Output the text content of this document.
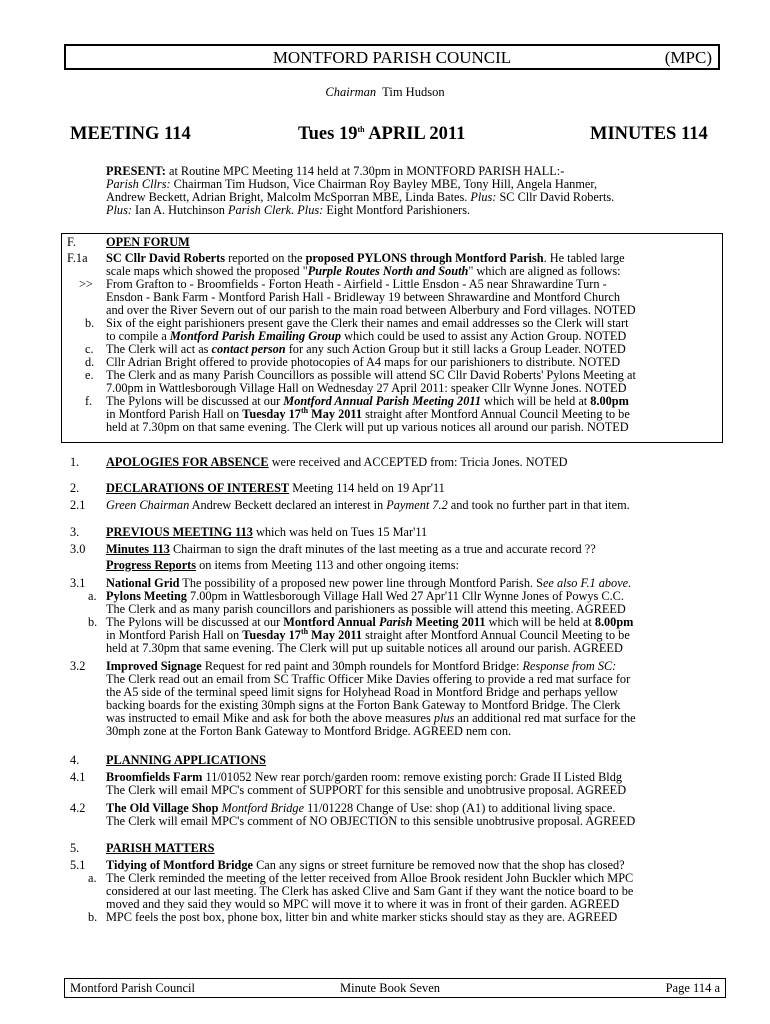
MONTFORD PARISH COUNCIL	(MPC)
Chairman Tim Hudson
MEETING 114	Tues 19th APRIL 2011	MINUTES 114
PRESENT: at Routine MPC Meeting 114 held at 7.30pm in MONTFORD PARISH HALL:-
Parish Cllrs: Chairman Tim Hudson, Vice Chairman Roy Bayley MBE, Tony Hill, Angela Hanmer,
Andrew Beckett, Adrian Bright, Malcolm McSporran MBE, Linda Bates. Plus: SC Cllr David Roberts.
Plus: Ian A. Hutchinson Parish Clerk. Plus: Eight Montford Parishioners.
F. OPEN FORUM
F.1a SC Cllr David Roberts reported on the proposed PYLONS through Montford Parish. He tabled large
scale maps which showed the proposed "Purple Routes North and South" which are aligned as follows:
>> From Grafton to - Broomfields - Forton Heath - Airfield - Little Ensdon - A5 near Shrawardine Turn -
Ensdon - Bank Farm - Montford Parish Hall - Bridleway 19 between Shrawardine and Montford Church
and over the River Severn out of our parish to the main road between Alberbury and Ford villages. NOTED
b. Six of the eight parishioners present gave the Clerk their names and email addresses so the Clerk will start
to compile a Montford Parish Emailing Group which could be used to assist any Action Group. NOTED
c. The Clerk will act as contact person for any such Action Group but it still lacks a Group Leader. NOTED
d. Cllr Adrian Bright offered to provide photocopies of A4 maps for our parishioners to distribute. NOTED
e. The Clerk and as many Parish Councillors as possible will attend SC Cllr David Roberts' Pylons Meeting at
7.00pm in Wattlesborough Village Hall on Wednesday 27 April 2011: speaker Cllr Wynne Jones. NOTED
f. The Pylons will be discussed at our Montford Annual Parish Meeting 2011 which will be held at 8.00pm
in Montford Parish Hall on Tuesday 17th May 2011 straight after Montford Annual Council Meeting to be
held at 7.30pm on that same evening. The Clerk will put up various notices all around our parish. NOTED
1. APOLOGIES FOR ABSENCE were received and ACCEPTED from: Tricia Jones. NOTED
2. DECLARATIONS OF INTEREST Meeting 114 held on 19 Apr'11
2.1 Green Chairman Andrew Beckett declared an interest in Payment 7.2 and took no further part in that item.
3. PREVIOUS MEETING 113 which was held on Tues 15 Mar'11
3.0 Minutes 113 Chairman to sign the draft minutes of the last meeting as a true and accurate record ??
Progress Reports on items from Meeting 113 and other ongoing items:
3.1 National Grid The possibility of a proposed new power line through Montford Parish. See also F.1 above.
a. Pylons Meeting 7.00pm in Wattlesborough Village Hall Wed 27 Apr'11 Cllr Wynne Jones of Powys C.C.
The Clerk and as many parish councillors and parishioners as possible will attend this meeting. AGREED
b. The Pylons will be discussed at our Montford Annual Parish Meeting 2011 which will be held at 8.00pm
in Montford Parish Hall on Tuesday 17th May 2011 straight after Montford Annual Council Meeting to be
held at 7.30pm that same evening. The Clerk will put up suitable notices all around our parish. AGREED
3.2 Improved Signage Request for red paint and 30mph roundels for Montford Bridge: Response from SC:
The Clerk read out an email from SC Traffic Officer Mike Davies offering to provide a red mat surface for
the A5 side of the terminal speed limit signs for Holyhead Road in Montford Bridge and perhaps yellow
backing boards for the existing 30mph signs at the Forton Bank Gateway to Montford Bridge. The Clerk
was instructed to email Mike and ask for both the above measures plus an additional red mat surface for the
30mph zone at the Forton Bank Gateway to Montford Bridge. AGREED nem con.
4. PLANNING APPLICATIONS
4.1 Broomfields Farm 11/01052 New rear porch/garden room: remove existing porch: Grade II Listed Bldg
The Clerk will email MPC's comment of SUPPORT for this sensible and unobtrusive proposal. AGREED
4.2 The Old Village Shop Montford Bridge 11/01228 Change of Use: shop (A1) to additional living space.
The Clerk will email MPC's comment of NO OBJECTION to this sensible unobtrusive proposal. AGREED
5. PARISH MATTERS
5.1 Tidying of Montford Bridge Can any signs or street furniture be removed now that the shop has closed?
a. The Clerk reminded the meeting of the letter received from Alloe Brook resident John Buckler which MPC
considered at our last meeting. The Clerk has asked Clive and Sam Gant if they want the notice board to be
moved and they said they would so MPC will move it to where it was in front of their garden. AGREED
b. MPC feels the post box, phone box, litter bin and white marker sticks should stay as they are. AGREED
Montford Parish Council	Minute Book Seven	Page 114 a
